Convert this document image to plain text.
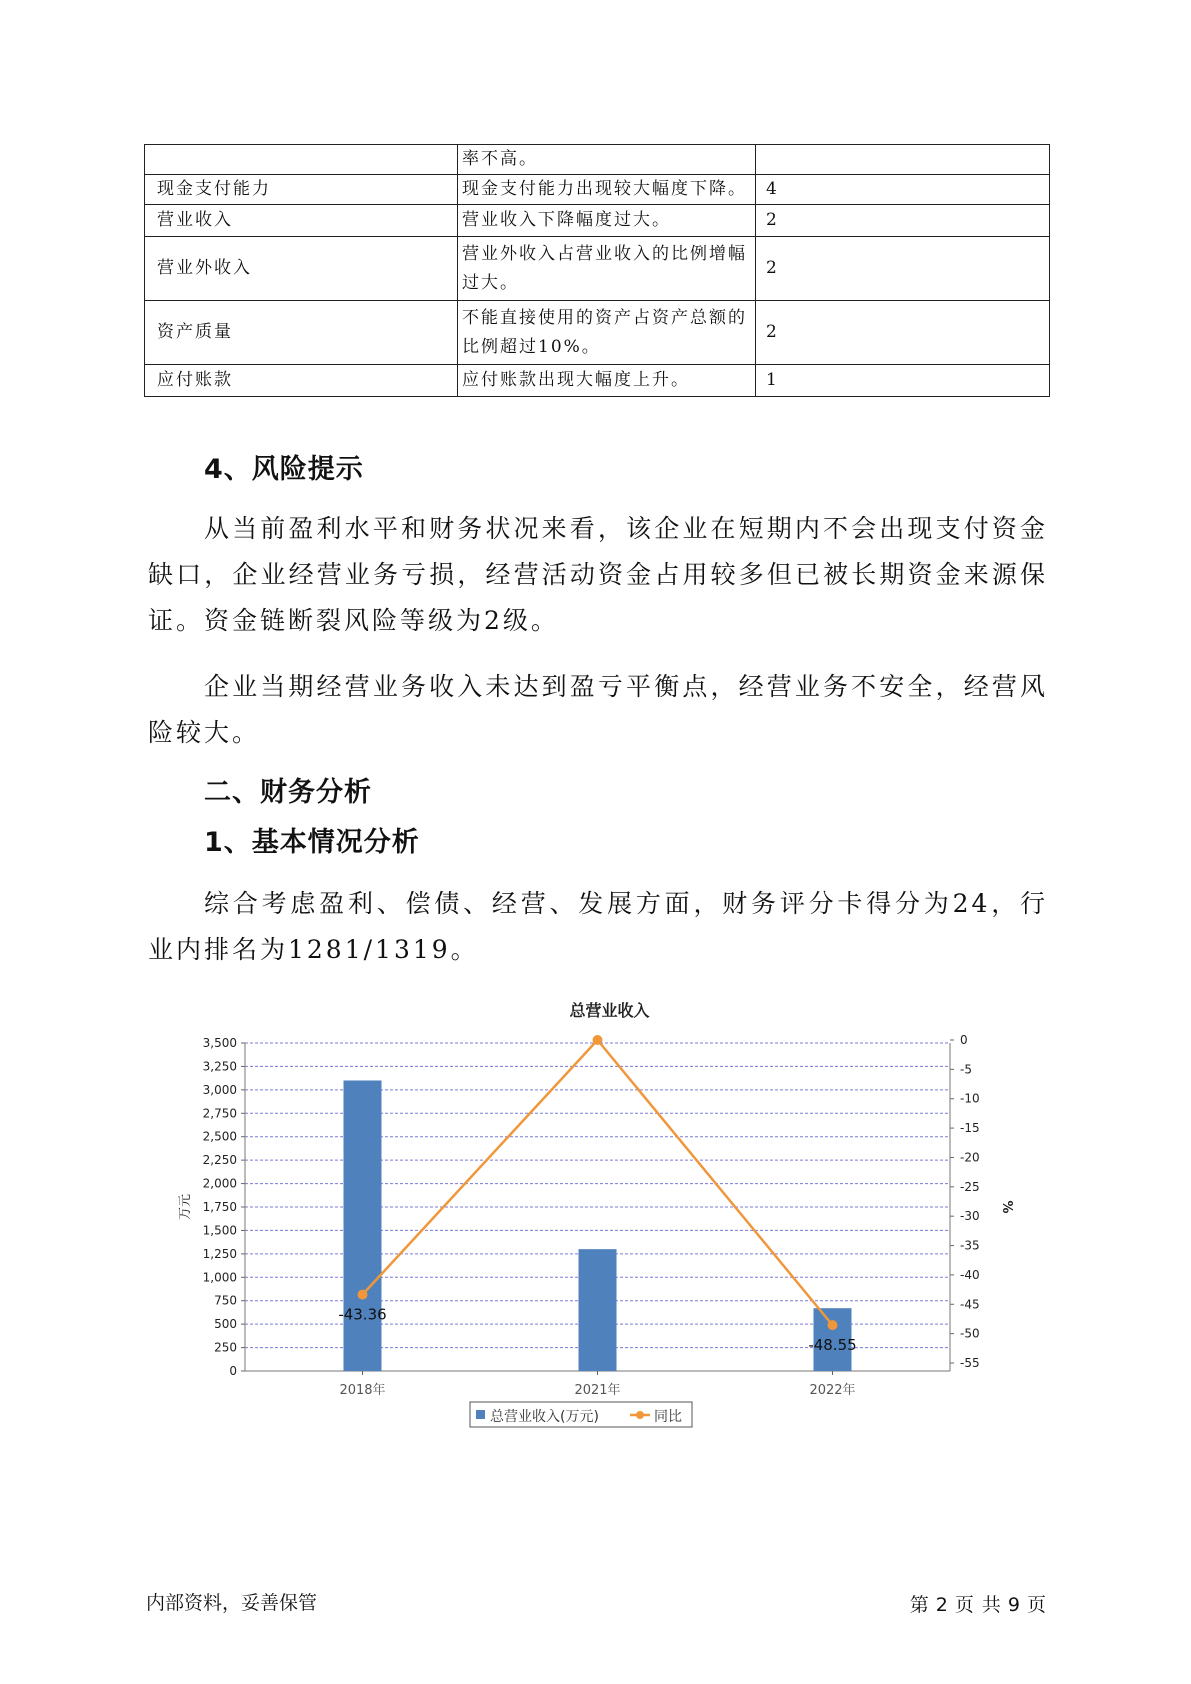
	率不高。	
现金支付能力	现金支付能力出现较大幅度下降。	4
营业收入	营业收入下降幅度过大。	2
营业外收入	营业外收入占营业收入的比例增幅过大。	2
资产质量	不能直接使用的资产占资产总额的比例超过10%。	2
应付账款	应付账款出现大幅度上升。	1
4、风险提示

从当前盈利水平和财务状况来看，该企业在短期内不会出现支付资金缺口，企业经营业务亏损，经营活动资金占用较多但已被长期资金来源保证。资金链断裂风险等级为2级。

企业当期经营业务收入未达到盈亏平衡点，经营业务不安全，经营风险较大。

二、财务分析
1、基本情况分析

综合考虑盈利、偿债、经营、发展方面，财务评分卡得分为24，行业内排名为1281/1319。

总营业收入
0
250
500
750
1,000
1,250
1,500
1,750
2,000
2,250
2,500
2,750
3,000
3,250
3,500	0
-5
-10
-15
-20
-25
-30
-35
-40
-45
-50
-55
万元	%
2018年	2021年	2022年
-43.36
-48.55
总营业收入(万元)	同比
内部资料，妥善保管	第 2 页 共 9 页
